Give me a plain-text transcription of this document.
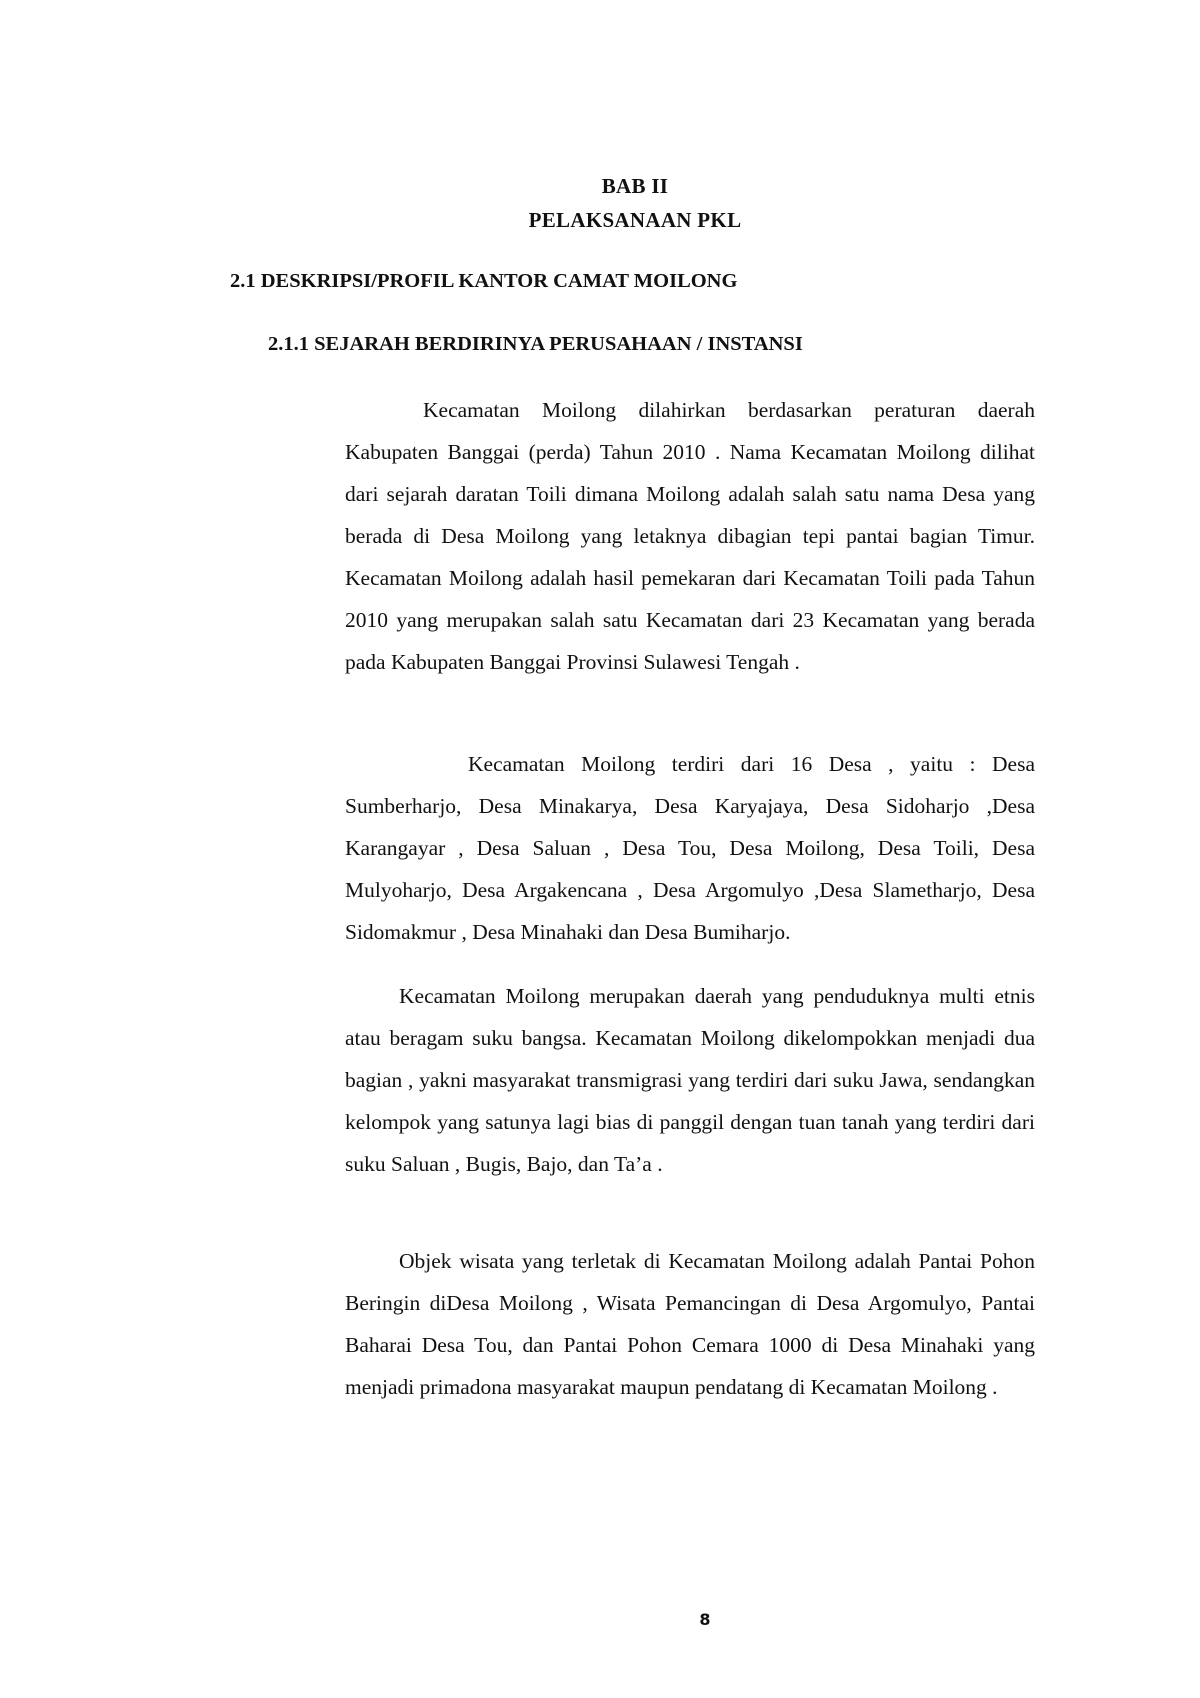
BAB II
PELAKSANAAN PKL
2.1 DESKRIPSI/PROFIL KANTOR CAMAT MOILONG
2.1.1 SEJARAH BERDIRINYA PERUSAHAAN / INSTANSI

Kecamatan Moilong dilahirkan berdasarkan peraturan daerah Kabupaten Banggai (perda) Tahun 2010 . Nama Kecamatan Moilong dilihat dari sejarah daratan Toili dimana Moilong adalah salah satu nama Desa yang berada di Desa Moilong yang letaknya dibagian tepi pantai bagian Timur. Kecamatan Moilong adalah hasil pemekaran dari Kecamatan Toili pada Tahun 2010 yang merupakan salah satu Kecamatan dari 23 Kecamatan yang berada pada Kabupaten Banggai Provinsi Sulawesi Tengah .

Kecamatan Moilong terdiri dari 16 Desa , yaitu : Desa Sumberharjo, Desa Minakarya, Desa Karyajaya, Desa Sidoharjo ,Desa Karangayar , Desa Saluan , Desa Tou, Desa Moilong, Desa Toili, Desa Mulyoharjo, Desa Argakencana , Desa Argomulyo ,Desa Slametharjo, Desa Sidomakmur , Desa Minahaki dan Desa Bumiharjo.

Kecamatan Moilong merupakan daerah yang penduduknya multi etnis atau beragam suku bangsa. Kecamatan Moilong dikelompokkan menjadi dua bagian , yakni masyarakat transmigrasi yang terdiri dari suku Jawa, sendangkan kelompok yang satunya lagi bias di panggil dengan tuan tanah yang terdiri dari suku Saluan , Bugis, Bajo, dan Ta’a .

Objek wisata yang terletak di Kecamatan Moilong adalah Pantai Pohon Beringin diDesa Moilong , Wisata Pemancingan di Desa Argomulyo, Pantai Baharai Desa Tou, dan Pantai Pohon Cemara 1000 di Desa Minahaki yang menjadi primadona masyarakat maupun pendatang di Kecamatan Moilong .

8
